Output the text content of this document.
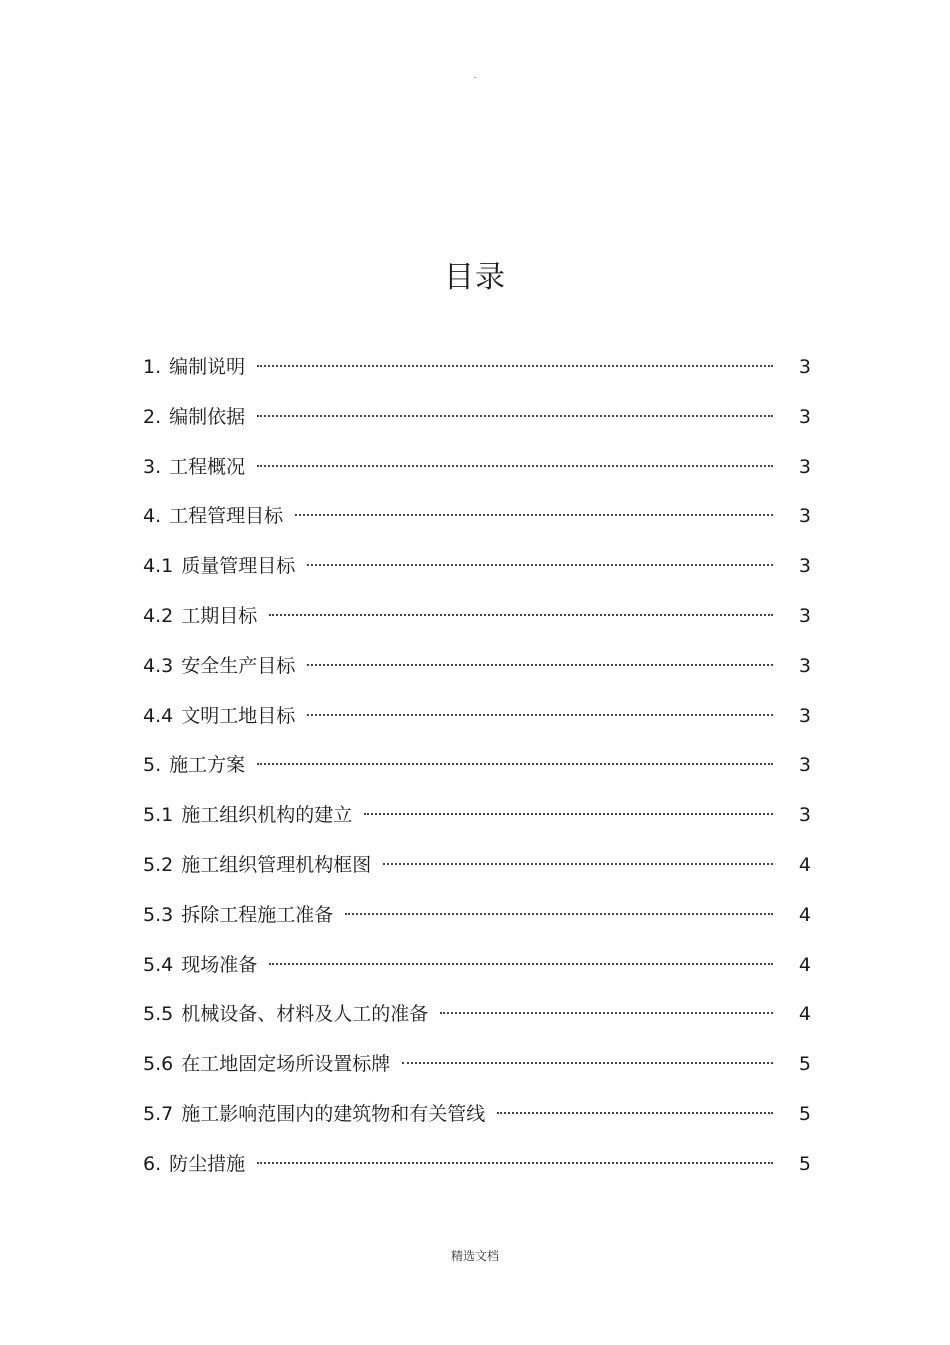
.
目录
1. 编制说明	3
2. 编制依据	3
3. 工程概况	3
4. 工程管理目标	3
4.1 质量管理目标	3
4.2 工期目标	3
4.3 安全生产目标	3
4.4 文明工地目标	3
5. 施工方案	3
5.1 施工组织机构的建立	3
5.2 施工组织管理机构框图	4
5.3 拆除工程施工准备	4
5.4 现场准备	4
5.5 机械设备、材料及人工的准备	4
5.6 在工地固定场所设置标牌	5
5.7 施工影响范围内的建筑物和有关管线	5
6. 防尘措施	5
精选文档
